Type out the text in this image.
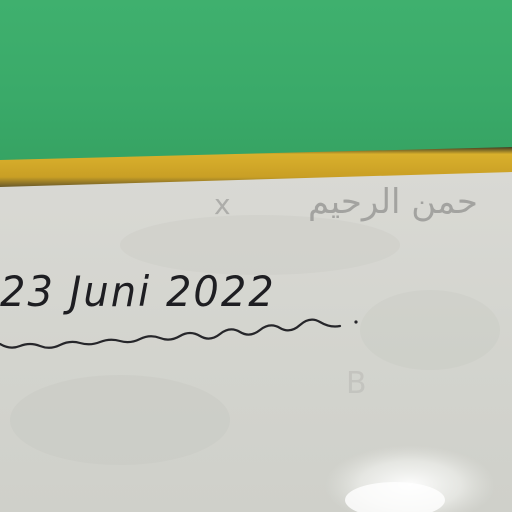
x حمن الرحيم
23 Juni 2022
B
